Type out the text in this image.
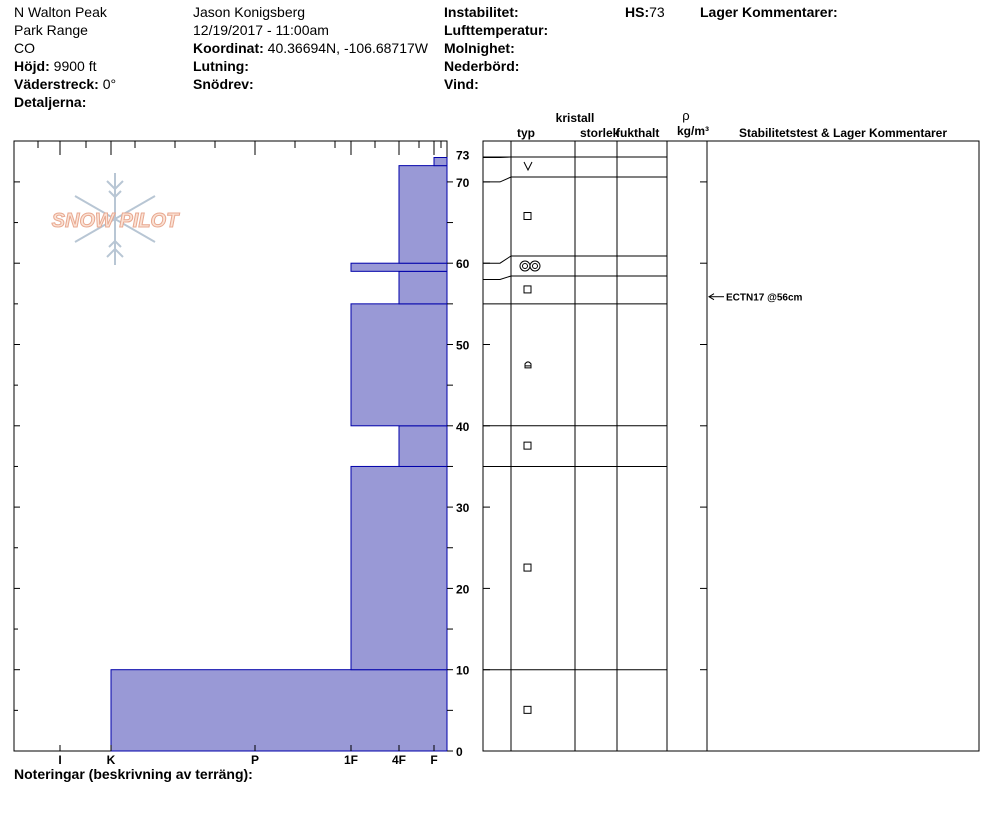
N Walton Peak
Park Range
CO
Höjd: 9900 ft
Väderstreck: 0°
Detaljerna:
Jason Konigsberg
12/19/2017 - 11:00am
Koordinat: 40.36694N, -106.68717W
Lutning:
Snödrev:
Instabilitet:
Lufttemperatur:
Molnighet:
Nederbörd:
Vind:
HS:73	Lager Kommentarer:
SNOW PILOT
0
10
20
30
40
50
60
70
73
I	K	P	1F	4F F
ECTN17 @56cm
kristall
typ	storlek
fukthalt
ρ
kg/m³ Stabilitetstest & Lager Kommentarer
Noteringar (beskrivning av terräng):
